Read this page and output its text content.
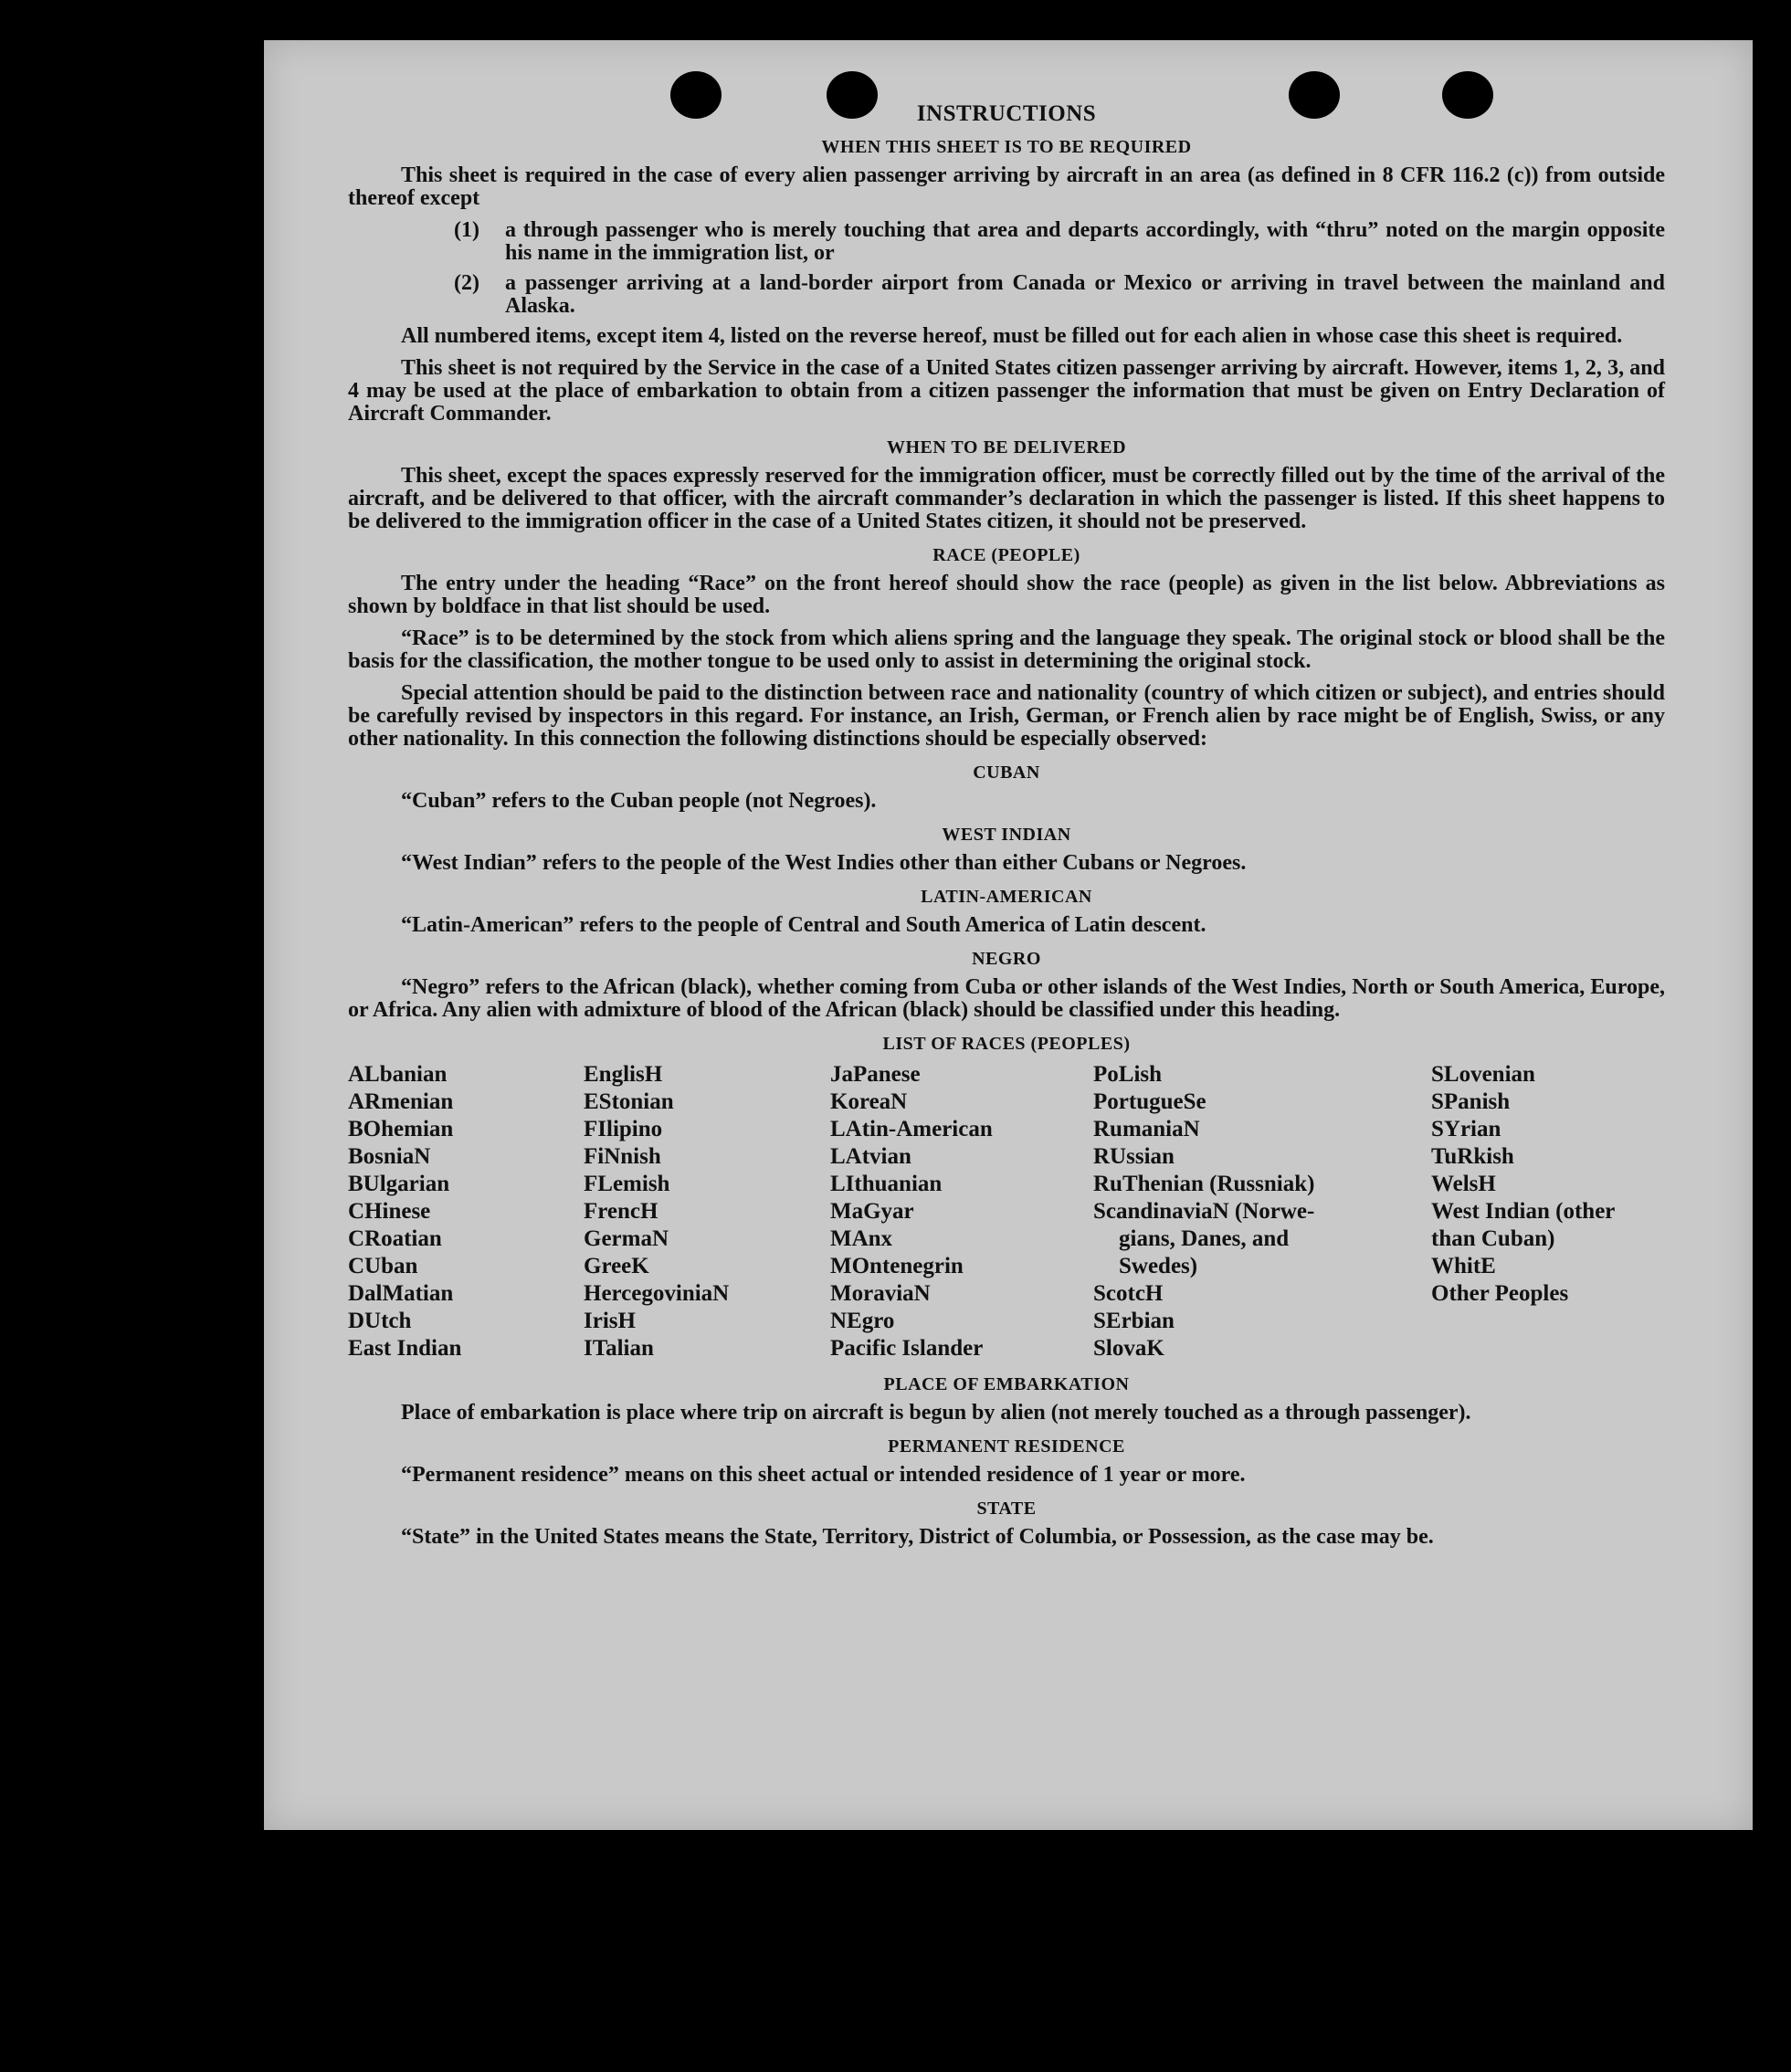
INSTRUCTIONS
WHEN THIS SHEET IS TO BE REQUIRED

This sheet is required in the case of every alien passenger arriving by aircraft in an area (as defined in 8 CFR 116.2 (c)) from outside thereof except

(1)	a through passenger who is merely touching that area and departs accordingly, with “thru” noted on the margin opposite his name in the immigration list, or
(2)	a passenger arriving at a land-border airport from Canada or Mexico or arriving in travel between the mainland and Alaska.

All numbered items, except item 4, listed on the reverse hereof, must be filled out for each alien in whose case this sheet is required.

This sheet is not required by the Service in the case of a United States citizen passenger arriving by aircraft. However, items 1, 2, 3, and 4 may be used at the place of embarkation to obtain from a citizen passenger the information that must be given on Entry Declaration of Aircraft Commander.

WHEN TO BE DELIVERED

This sheet, except the spaces expressly reserved for the immigration officer, must be correctly filled out by the time of the arrival of the aircraft, and be delivered to that officer, with the aircraft commander’s declaration in which the passenger is listed. If this sheet happens to be delivered to the immigration officer in the case of a United States citizen, it should not be preserved.

RACE (PEOPLE)

The entry under the heading “Race” on the front hereof should show the race (people) as given in the list below. Abbreviations as shown by boldface in that list should be used.

“Race” is to be determined by the stock from which aliens spring and the language they speak. The original stock or blood shall be the basis for the classification, the mother tongue to be used only to assist in determining the original stock.

Special attention should be paid to the distinction between race and nationality (country of which citizen or subject), and entries should be carefully revised by inspectors in this regard. For instance, an Irish, German, or French alien by race might be of English, Swiss, or any other nationality. In this connection the following distinctions should be especially observed:

CUBAN

“Cuban” refers to the Cuban people (not Negroes).

WEST INDIAN

“West Indian” refers to the people of the West Indies other than either Cubans or Negroes.

LATIN-AMERICAN

“Latin-American” refers to the people of Central and South America of Latin descent.

NEGRO

“Negro” refers to the African (black), whether coming from Cuba or other islands of the West Indies, North or South America, Europe, or Africa. Any alien with admixture of blood of the African (black) should be classified under this heading.

LIST OF RACES (PEOPLES)
ALbanian
ARmenian
BOhemian
BosniaN
BUlgarian
CHinese
CRoatian
CUban
DalMatian
DUtch
East Indian
EnglisH
EStonian
FIlipino
FiNnish
FLemish
FrencH
GermaN
GreeK
HercegovinіaN
IrisH
ITalian
JaPanese
KoreaN
LAtin-American
LAtvian
LIthuanian
MaGyar
MAnx
MOntenegrin
MoraviaN
NEgro
Pacific Islander
PoLish
PortugueSe
RumaniaN
RUssian
RuThenian (Russniak)
ScandinaviaN (Norwe-
gians, Danes, and
Swedes)
ScotcH
SErbian
SlovaK
SLovenian
SPanish
SYrian
TuRkish
WelsH
West Indian (other
than Cuban)
WhitE
Other Peoples
PLACE OF EMBARKATION

Place of embarkation is place where trip on aircraft is begun by alien (not merely touched as a through passenger).

PERMANENT RESIDENCE

“Permanent residence” means on this sheet actual or intended residence of 1 year or more.

STATE

“State” in the United States means the State, Territory, District of Columbia, or Possession, as the case may be.
